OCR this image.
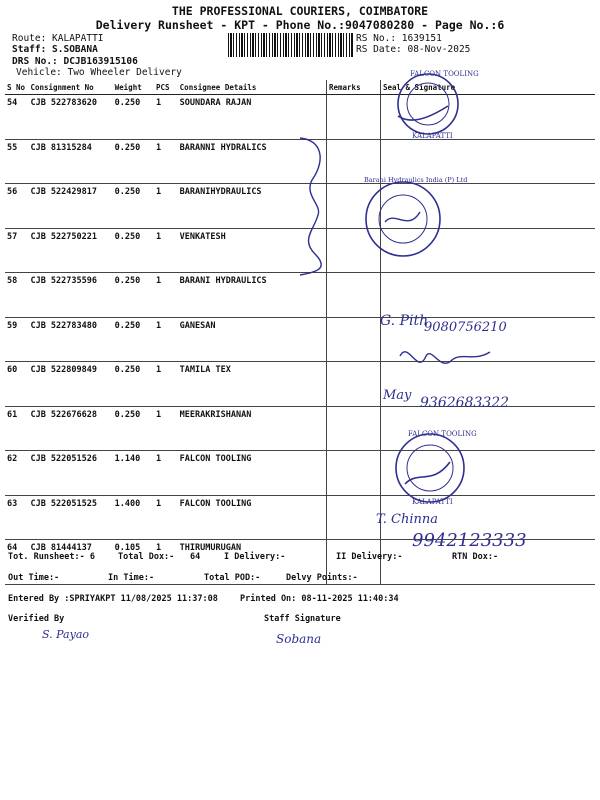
THE PROFESSIONAL COURIERS, COIMBATORE
Delivery Runsheet - KPT - Phone No.:9047080280 - Page No.:6
Route: KALAPATTI
Staff: S.SOBANA
DRS No.: DCJB163915106
Vehicle: Two Wheeler Delivery
RS No.: 1639151
RS Date: 08-Nov-2025
S No	Consignment No	Weight	PCS	Consignee Details	Remarks	Seal & Signature
54	CJB 522783620	0.250	1	SOUNDARA RAJAN		
55	CJB 81315284	0.250	1	BARANNI HYDRALICS		
56	CJB 522429817	0.250	1	BARANIHYDRAULICS		
57	CJB 522750221	0.250	1	VENKATESH		
58	CJB 522735596	0.250	1	BARANI HYDRAULICS		
59	CJB 522783480	0.250	1	GANESAN		
60	CJB 522809849	0.250	1	TAMILA TEX		
61	CJB 522676628	0.250	1	MEERAKRISHANAN		
62	CJB 522051526	1.140	1	FALCON TOOLING		
63	CJB 522051525	1.400	1	FALCON TOOLING		
64	CJB 81444137	0.105	1	THIRUMURUGAN		
FALCON TOOLING
KALAPATTI
Barani Hydraulics India (P) Ltd
FALCON TOOLING
KALAPATTI
G. Pith
9080756210
May 9362683322
T. Chinna
9942123333
Tot. Runsheet:- 6	Total Dox:- 64	I Delivery:-	II Delivery:-	RTN Dox:-
Out Time:-	In Time:-	Total POD:-	Delvy Points:-
Entered By :SPRIYAKPT 11/08/2025 11:37:08	Printed On: 08-11-2025 11:40:34
Verified By	Staff Signature
S. Payao	Sobana
